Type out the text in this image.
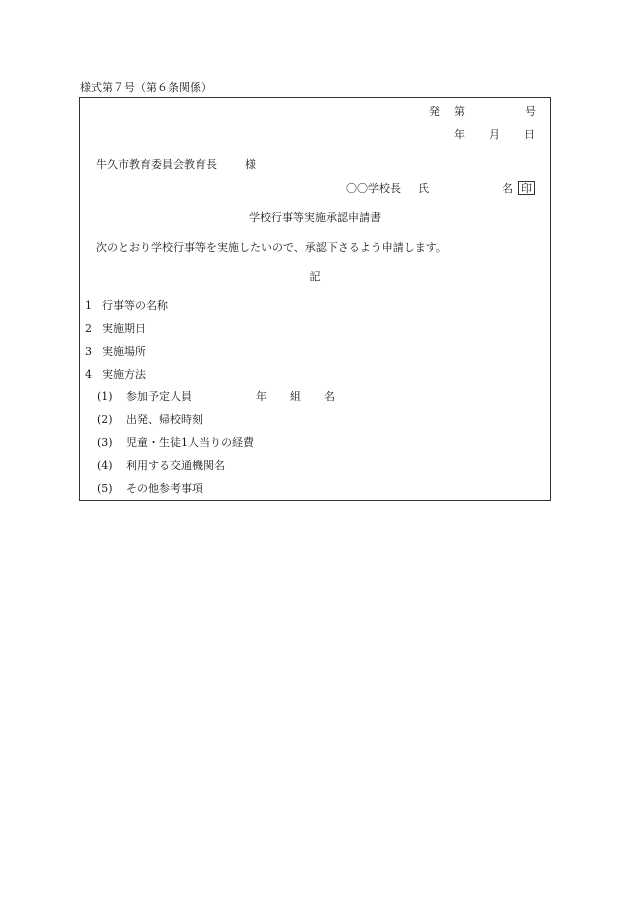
様式第７号（第６条関係）
発 第	号
年 月 日
牛久市教育委員会教育長	様
〇〇学校長 氏	名 印
学校行事等実施承認申請書
次のとおり学校行事等を実施したいので、承認下さるよう申請します。
記
1 行事等の名称
2 実施期日
3 実施場所
4 実施方法
(1) 参加予定人員	年 組 名
(2) 出発、帰校時刻
(3) 児童・生徒1人当りの経費
(4) 利用する交通機関名
(5) その他参考事項
